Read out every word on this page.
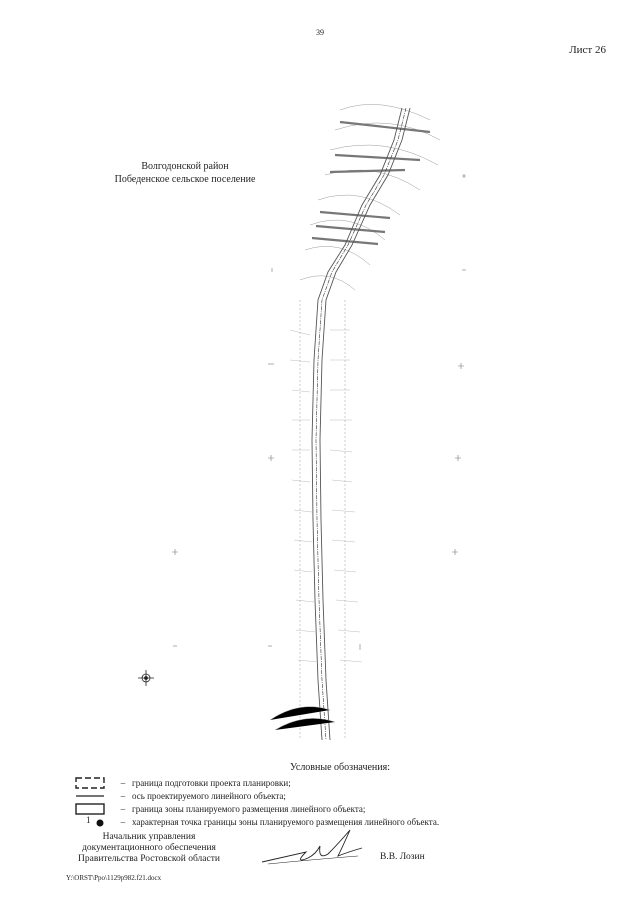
39
Лист 26
Волгодонской район
Победенское сельское поселение
Условные обозначения:
– граница подготовки проекта планировки;
– ось проектируемого линейного объекта;
– граница зоны планируемого размещения линейного объекта;
1	– характерная точка границы зоны планируемого размещения линейного объекта.
Начальник управления
документационного обеспечения
Правительства Ростовской области	В.В. Лозин
Y:\ORST\Ppo\1129p982.f21.docx
